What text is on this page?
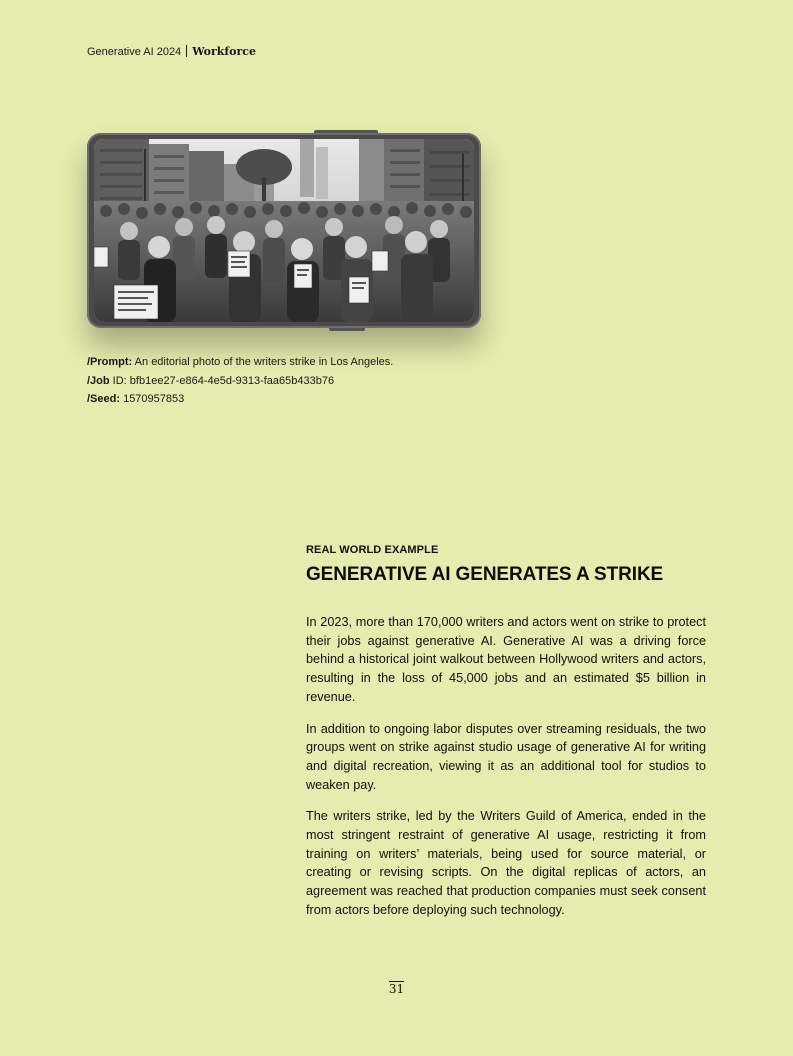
Generative AI 2024 Workforce
/Prompt: An editorial photo of the writers strike in Los Angeles.
/Job ID: bfb1ee27-e864-4e5d-9313-faa65b433b76
/Seed: 1570957853

REAL WORLD EXAMPLE

GENERATIVE AI GENERATES A STRIKE

In 2023, more than 170,000 writers and actors went on strike to protect their jobs against generative AI. Generative AI was a driving force behind a historical joint walkout between Hollywood writers and actors, resulting in the loss of 45,000 jobs and an estimated $5 billion in revenue.

In addition to ongoing labor disputes over streaming residuals, the two groups went on strike against studio usage of generative AI for writing and digital recreation, viewing it as an additional tool for studios to weaken pay.

The writers strike, led by the Writers Guild of America, ended in the most stringent restraint of generative AI usage, restricting it from training on writers’ materials, being used for source material, or creating or revising scripts. On the digital replicas of actors, an agreement was reached that production companies must seek consent from actors before deploying such technology.

31
